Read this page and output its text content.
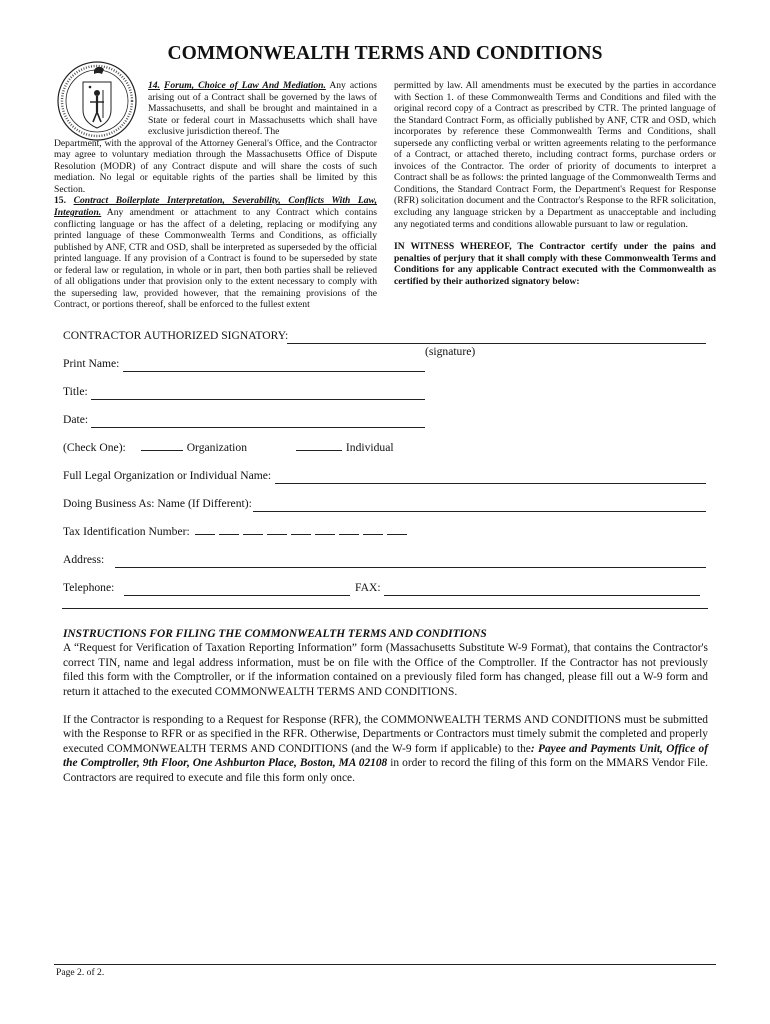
COMMONWEALTH TERMS AND CONDITIONS

14. Forum, Choice of Law And Mediation. Any actions arising out of a Contract shall be governed by the laws of Massachusetts, and shall be brought and maintained in a State or federal court in Massachusetts which shall have exclusive jurisdiction thereof. The

Department, with the approval of the Attorney General's Office, and the Contractor may agree to voluntary mediation through the Massachusetts Office of Dispute Resolution (MODR) of any Contract dispute and will share the costs of such mediation. No legal or equitable rights of the parties shall be limited by this Section.

15. Contract Boilerplate Interpretation, Severability, Conflicts With Law, Integration. Any amendment or attachment to any Contract which contains conflicting language or has the affect of a deleting, replacing or modifying any printed language of these Commonwealth Terms and Conditions, as officially published by ANF, CTR and OSD, shall be interpreted as superseded by the official printed language. If any provision of a Contract is found to be superseded by state or federal law or regulation, in whole or in part, then both parties shall be relieved of all obligations under that provision only to the extent necessary to comply with the superseding law, provided however, that the remaining provisions of the Contract, or portions thereof, shall be enforced to the fullest extent

permitted by law. All amendments must be executed by the parties in accordance with Section 1. of these Commonwealth Terms and Conditions and filed with the original record copy of a Contract as prescribed by CTR. The printed language of the Standard Contract Form, as officially published by ANF, CTR and OSD, which incorporates by reference these Commonwealth Terms and Conditions, shall supersede any conflicting verbal or written agreements relating to the performance of a Contract, or attached thereto, including contract forms, purchase orders or invoices of the Contractor. The order of priority of documents to interpret a Contract shall be as follows: the printed language of the Commonwealth Terms and Conditions, the Standard Contract Form, the Department's Request for Response (RFR) solicitation document and the Contractor's Response to the RFR solicitation, excluding any language stricken by a Department as unacceptable and including any negotiated terms and conditions allowable pursuant to law or regulation.

IN WITNESS WHEREOF, The Contractor certify under the pains and penalties of perjury that it shall comply with these Commonwealth Terms and Conditions for any applicable Contract executed with the Commonwealth as certified by their authorized signatory below:

CONTRACTOR AUTHORIZED SIGNATORY:
(signature)
Print Name:
Title:
Date:
(Check One):	Organization	Individual
Full Legal Organization or Individual Name:
Doing Business As: Name (If Different):
Tax Identification Number:
Address:
Telephone:	FAX:

INSTRUCTIONS FOR FILING THE COMMONWEALTH TERMS AND CONDITIONS

A “Request for Verification of Taxation Reporting Information” form (Massachusetts Substitute W-9 Format), that contains the Contractor's correct TIN, name and legal address information, must be on file with the Office of the Comptroller. If the Contractor has not previously filed this form with the Comptroller, or if the information contained on a previously filed form has changed, please fill out a W-9 form and return it attached to the executed COMMONWEALTH TERMS AND CONDITIONS.

If the Contractor is responding to a Request for Response (RFR), the COMMONWEALTH TERMS AND CONDITIONS must be submitted with the Response to RFR or as specified in the RFR. Otherwise, Departments or Contractors must timely submit the completed and properly executed COMMONWEALTH TERMS AND CONDITIONS (and the W-9 form if applicable) to the: Payee and Payments Unit, Office of the Comptroller, 9th Floor, One Ashburton Place, Boston, MA 02108 in order to record the filing of this form on the MMARS Vendor File. Contractors are required to execute and file this form only once.

Page 2. of 2.
